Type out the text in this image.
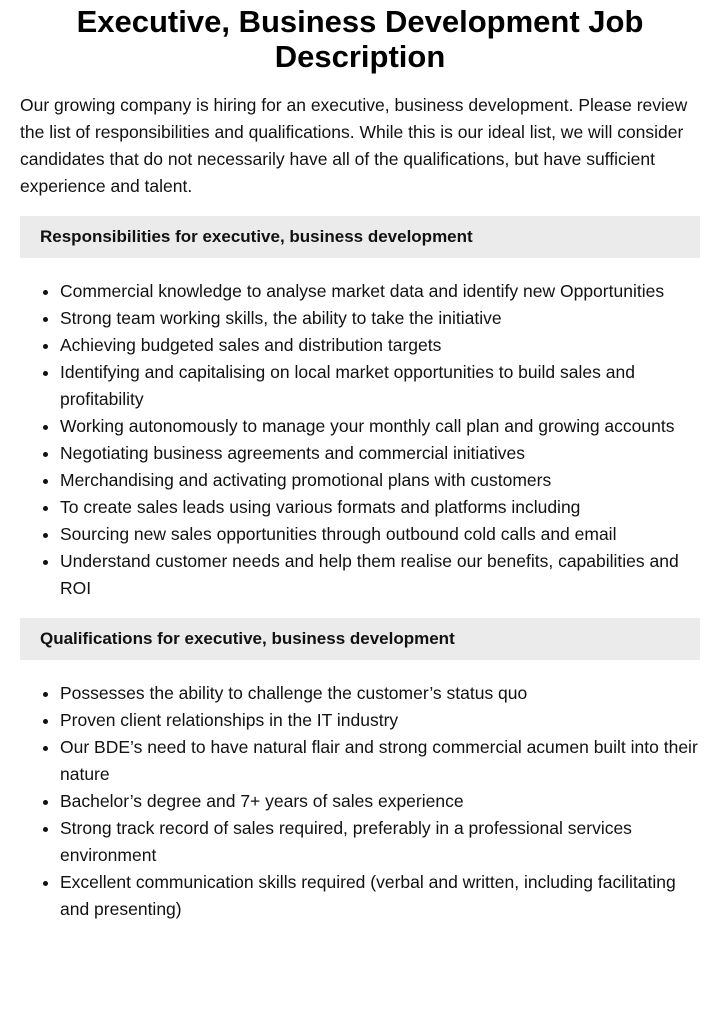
Executive, Business Development Job Description

Our growing company is hiring for an executive, business development. Please review the list of responsibilities and qualifications. While this is our ideal list, we will consider candidates that do not necessarily have all of the qualifications, but have sufficient experience and talent.

Responsibilities for executive, business development
• Commercial knowledge to analyse market data and identify new Opportunities
• Strong team working skills, the ability to take the initiative
• Achieving budgeted sales and distribution targets
• Identifying and capitalising on local market opportunities to build sales and profitability
• Working autonomously to manage your monthly call plan and growing accounts
• Negotiating business agreements and commercial initiatives
• Merchandising and activating promotional plans with customers
• To create sales leads using various formats and platforms including
• Sourcing new sales opportunities through outbound cold calls and email
• Understand customer needs and help them realise our benefits, capabilities and ROI
Qualifications for executive, business development
• Possesses the ability to challenge the customer’s status quo
• Proven client relationships in the IT industry
• Our BDE’s need to have natural flair and strong commercial acumen built into their nature
• Bachelor’s degree and 7+ years of sales experience
• Strong track record of sales required, preferably in a professional services environment
• Excellent communication skills required (verbal and written, including facilitating and presenting)
